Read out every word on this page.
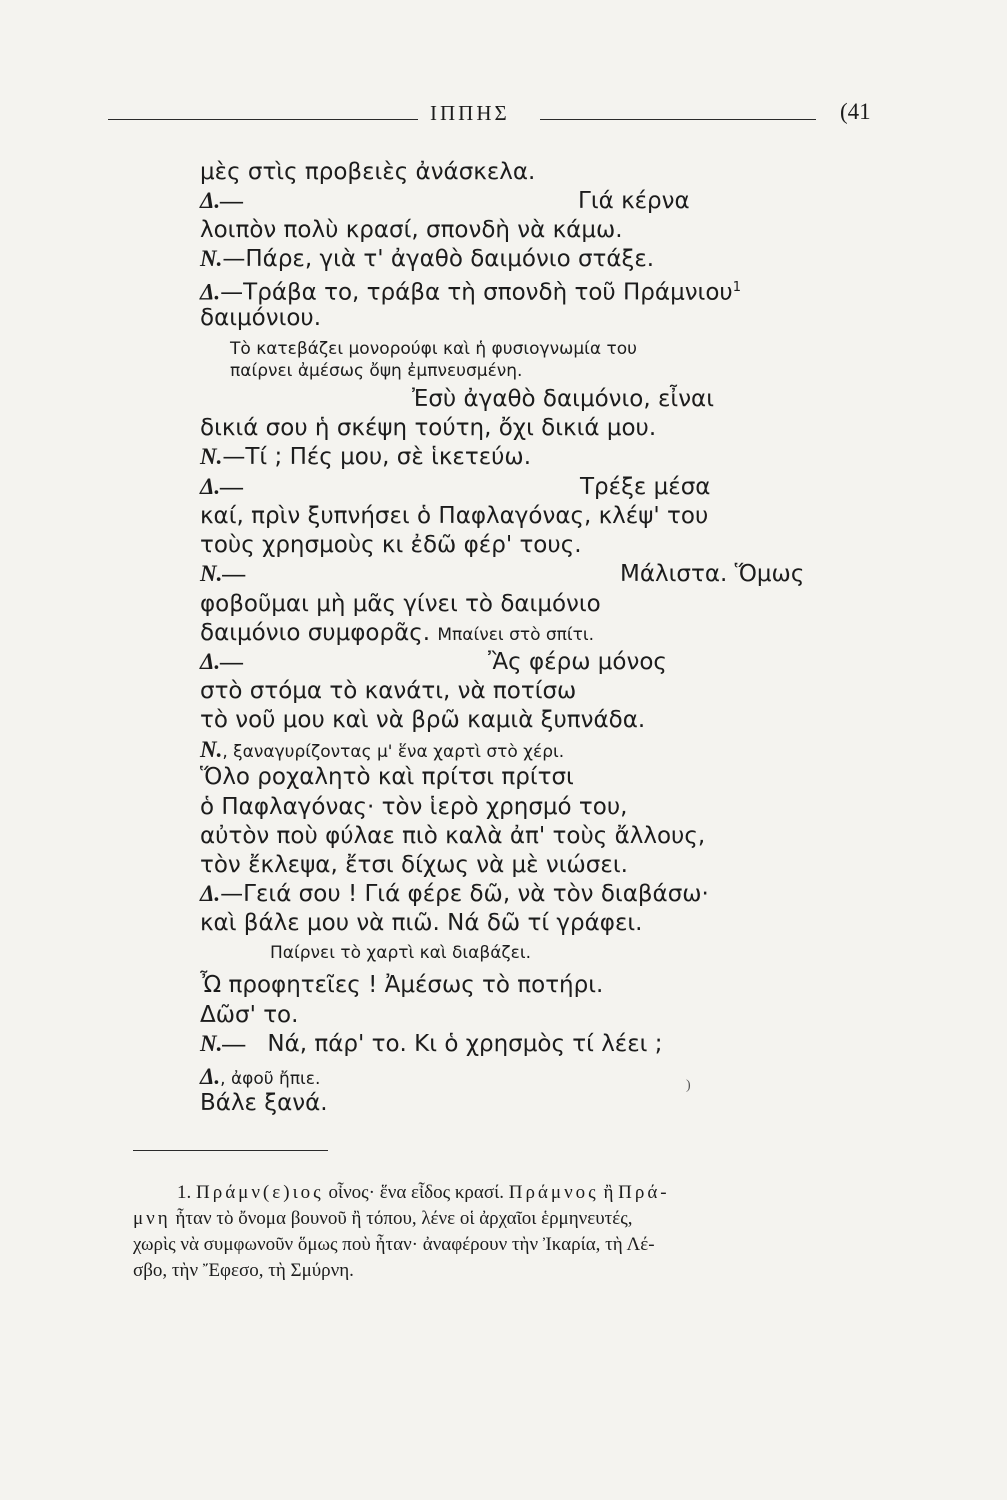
ΙΠΠΗΣ	(41
μὲς στὶς προβειὲς ἀνάσκελα.
Δ.—	Γιά κέρνα
λοιπὸν πολὺ κρασί, σπονδὴ νὰ κάμω.
Ν.—Πάρε, γιὰ τ' ἀγαθὸ δαιμόνιο στάξε.
Δ.—Τράβα το, τράβα τὴ σπονδὴ τοῦ Πράμνιου$^1$
δαιμόνιου.
Τὸ κατεβάζει μονορούφι καὶ ἡ φυσιογνωμία του
παίρνει ἀμέσως ὄψη ἐμπνευσμένη.
Ἐσὺ ἀγαθὸ δαιμόνιο, εἶναι
δικιά σου ἡ σκέψη τούτη, ὄχι δικιά μου.
Ν.—Τί ; Πές μου, σὲ ἱκετεύω.
Δ.—	Τρέξε μέσα
καί, πρὶν ξυπνήσει ὁ Παφλαγόνας, κλέψ' του
τοὺς χρησμοὺς κι ἐδῶ φέρ' τους.
Ν.—	Μάλιστα. Ὅμως
φοβοῦμαι μὴ μᾶς γίνει τὸ δαιμόνιο
δαιμόνιο συμφορᾶς. Μπαίνει στὸ σπίτι.
Δ.—	Ἂς φέρω μόνος
στὸ στόμα τὸ κανάτι, νὰ ποτίσω
τὸ νοῦ μου καὶ νὰ βρῶ καμιὰ ξυπνάδα.
Ν., ξαναγυρίζοντας μ' ἕνα χαρτὶ στὸ χέρι.
Ὅλο ροχαλητὸ καὶ πρίτσι πρίτσι
ὁ Παφλαγόνας· τὸν ἱερὸ χρησμό του,
αὐτὸν ποὺ φύλαε πιὸ καλὰ ἀπ' τοὺς ἄλλους,
τὸν ἔκλεψα, ἔτσι δίχως νὰ μὲ νιώσει.
Δ.—Γειά σου ! Γιά φέρε δῶ, νὰ τὸν διαβάσω·
καὶ βάλε μου νὰ πιῶ. Νά δῶ τί γράφει.
Παίρνει τὸ χαρτὶ καὶ διαβάζει.
Ὦ προφητεῖες ! Ἀμέσως τὸ ποτήρι.
Δῶσ' το.
Ν.— Νά, πάρ' το. Κι ὁ χρησμὸς τί λέει ;
Δ., ἀφοῦ ἤπιε.
Βάλε ξανά.
)
1. Πράμν(ε)ιος οἶνος· ἕνα εἶδος κρασί. Πράμνος ἢ Πρά-
μνη ἦταν τὸ ὄνομα βουνοῦ ἢ τόπου, λένε οἱ ἀρχαῖοι ἑρμηνευτές,
χωρὶς νὰ συμφωνοῦν ὅμως ποὺ ἦταν· ἀναφέρουν τὴν Ἰκαρία, τὴ Λέ-
σβο, τὴν Ἔφεσο, τὴ Σμύρνη.
